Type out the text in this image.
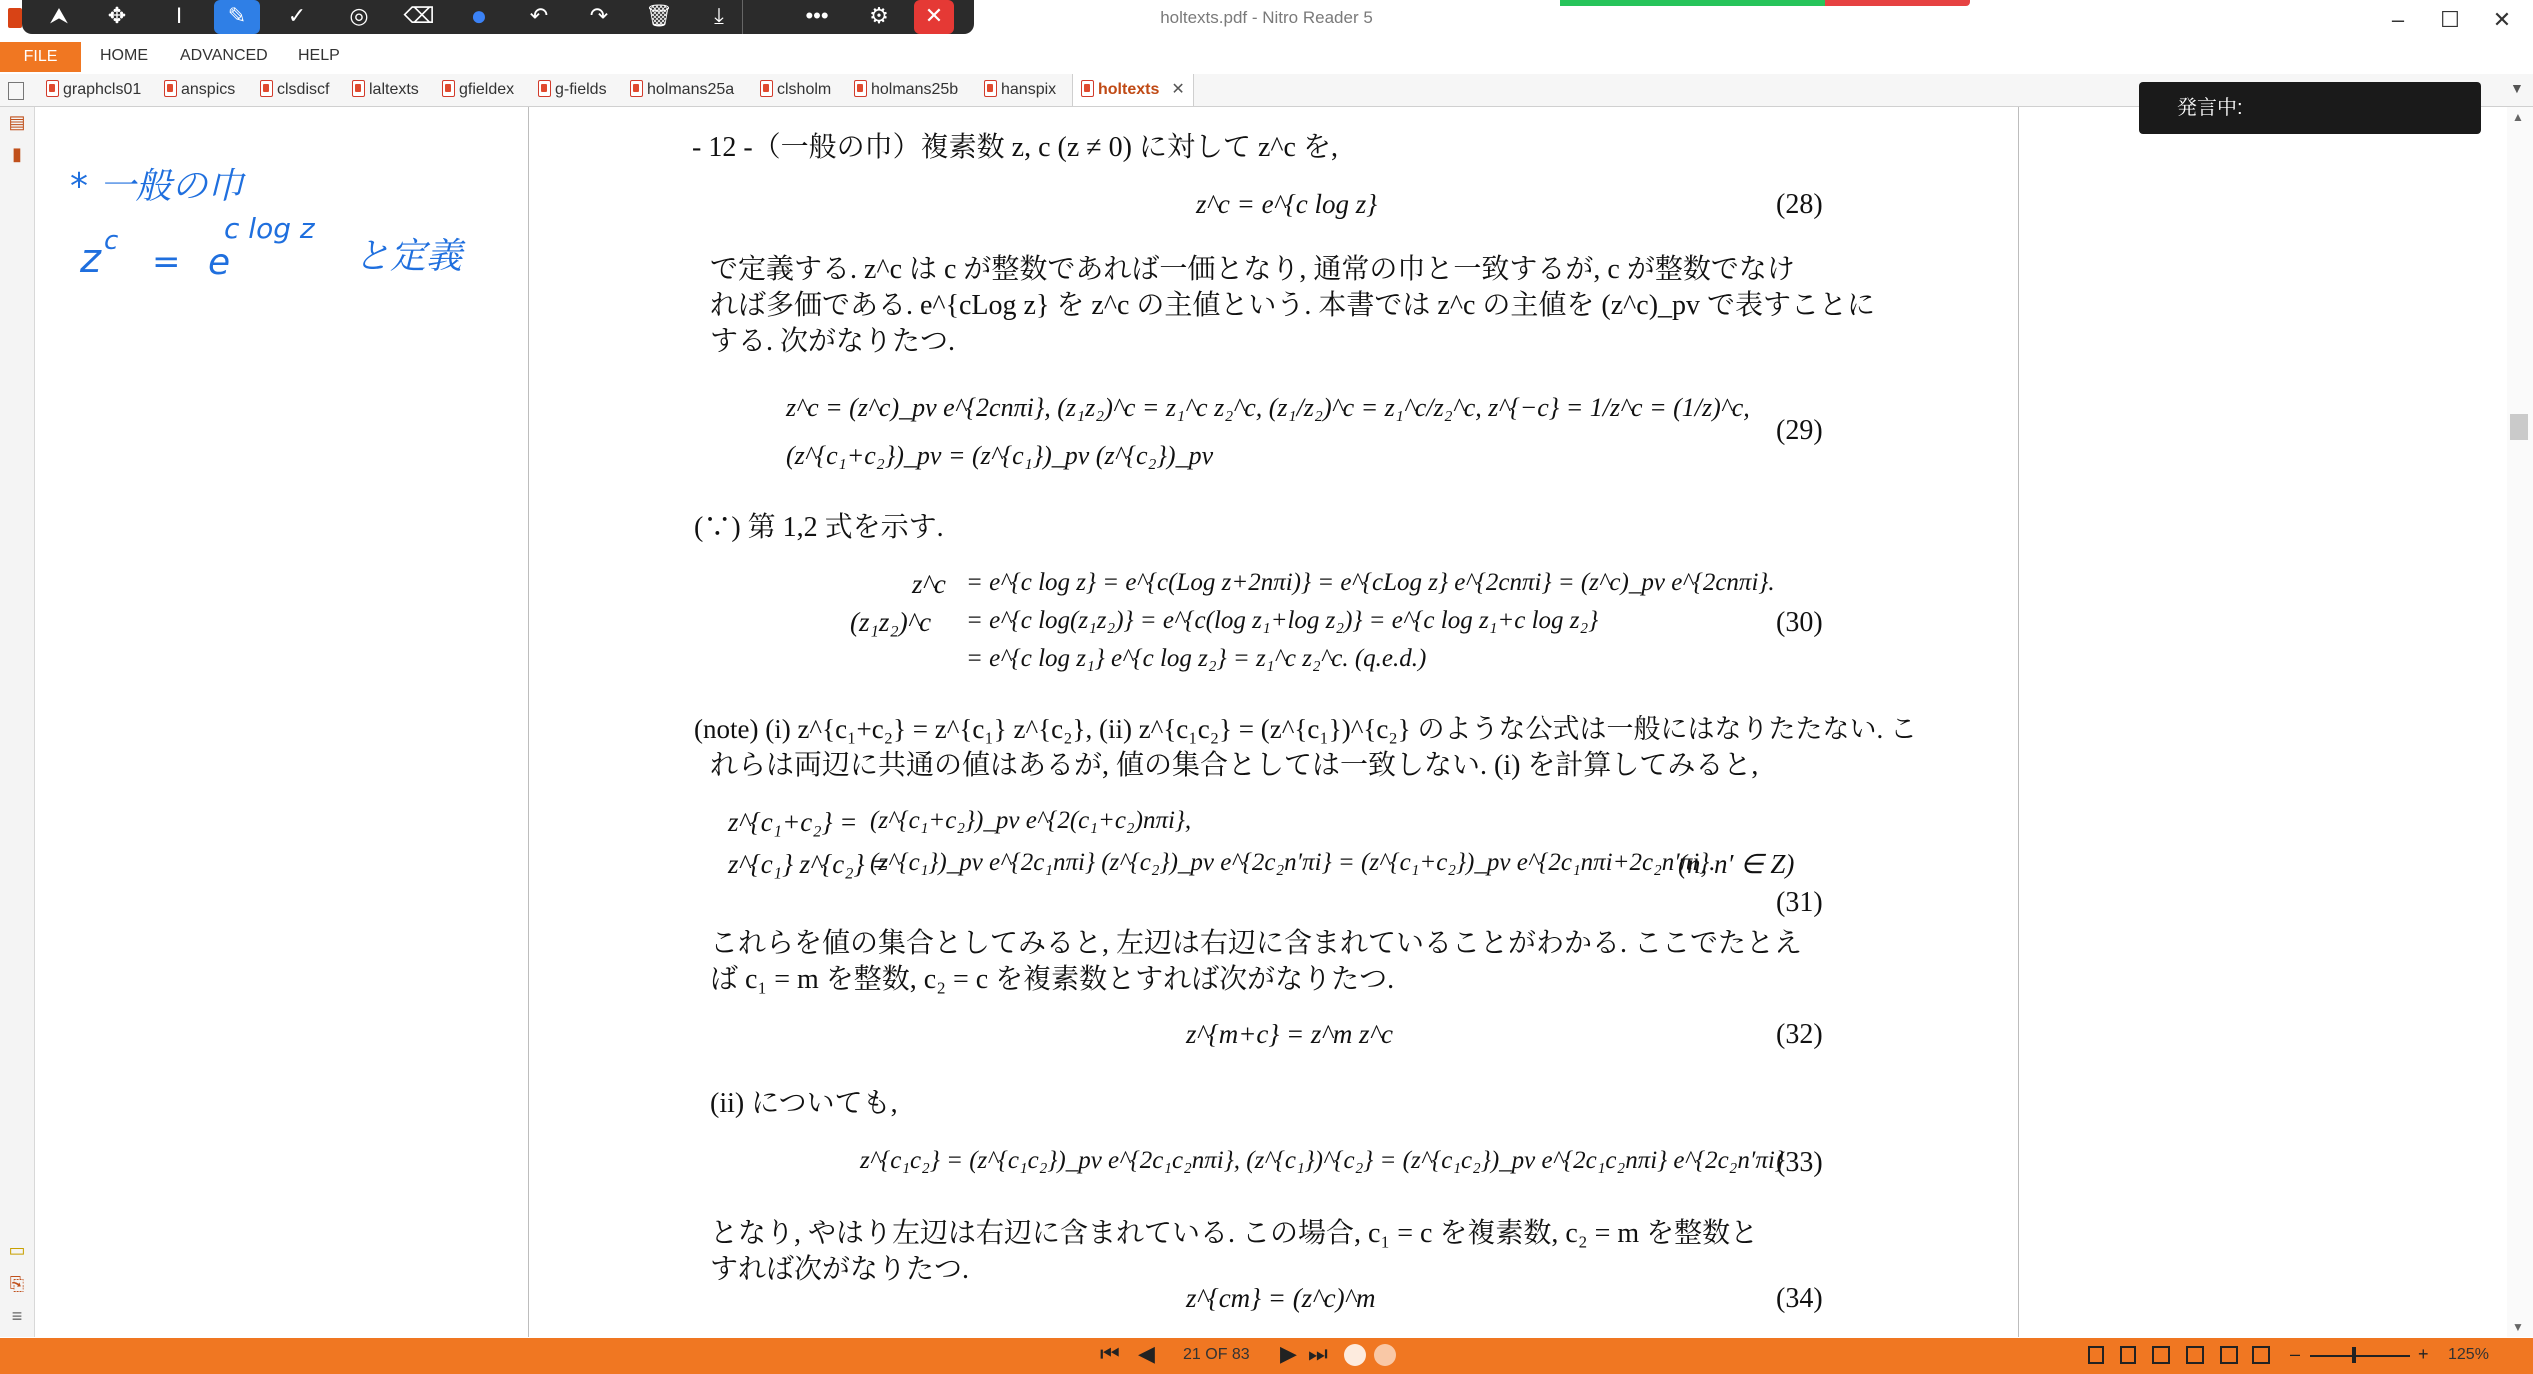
holtexts.pdf - Nitro Reader 5	–	☐	✕
⮝	✥	I	✎	✓	◎	⌫	●	↶	↷	🗑	⤓	•••	⚙	✕
FILE	HOME ADVANCED HELP
graphcls01	anspics	clsdiscf	laltexts	gfieldex	g-fields	holmans25a	clsholm	holmans25b	hanspix	holtexts ✕	▼
▤
▮
▭
⎘
≡
* 一般の巾
z c
= e
c log z
と定義
- 12 -（一般の巾）複素数 z, c (z ≠ 0) に対して z^c を,
z^c = e^{c log z}	(28)
で定義する. z^c は c が整数であれば一価となり, 通常の巾と一致するが, c が整数でなけ
れば多価である. e^{cLog z} を z^c の主値という. 本書では z^c の主値を (z^c)_pv で表すことに
する. 次がなりたつ.
z^c = (z^c)_pv e^{2cnπi}, (z₁z₂)^c = z₁^c z₂^c, (z₁/z₂)^c = z₁^c/z₂^c, z^{−c} = 1/z^c = (1/z)^c,
(z^{c₁+c₂})_pv = (z^{c₁})_pv (z^{c₂})_pv
(29)
(∵) 第 1,2 式を示す.
z^c = e^{c log z} = e^{c(Log z+2nπi)} = e^{cLog z} e^{2cnπi} = (z^c)_pv e^{2cnπi}.
(z₁z₂)^c = e^{c log(z₁z₂)} = e^{c(log z₁+log z₂)} = e^{c log z₁+c log z₂}
= e^{c log z₁} e^{c log z₂} = z₁^c z₂^c. (q.e.d.)
(30)
(note) (i) z^{c₁+c₂} = z^{c₁} z^{c₂}, (ii) z^{c₁c₂} = (z^{c₁})^{c₂} のような公式は一般にはなりたたない. こ
れらは両辺に共通の値はあるが, 値の集合としては一致しない. (i) を計算してみると,
z^{c₁+c₂} = (z^{c₁+c₂})_pv e^{2(c₁+c₂)nπi},
z^{c₁} z^{c₂} =
(z^{c₁})_pv e^{2c₁nπi} (z^{c₂})_pv e^{2c₂n′πi} = (z^{c₁+c₂})_pv e^{2c₁nπi+2c₂n′πi}.
(n, n′ ∈ Z)
(31)
これらを値の集合としてみると, 左辺は右辺に含まれていることがわかる. ここでたとえ
ば c₁ = m を整数, c₂ = c を複素数とすれば次がなりたつ.
z^{m+c} = z^m z^c	(32)
(ii) についても,
z^{c₁c₂} = (z^{c₁c₂})_pv e^{2c₁c₂nπi}, (z^{c₁})^{c₂} = (z^{c₁c₂})_pv e^{2c₁c₂nπi} e^{2c₂n′πi}
(33)
となり, やはり左辺は右辺に含まれている. この場合, c₁ = c を複素数, c₂ = m を整数と
すれば次がなりたつ.
z^{cm} = (z^c)^m	(34)
発言中:	▲
▼
⏮ ◀ 21 OF 83 ▶ ⏭	–	+ 125%
